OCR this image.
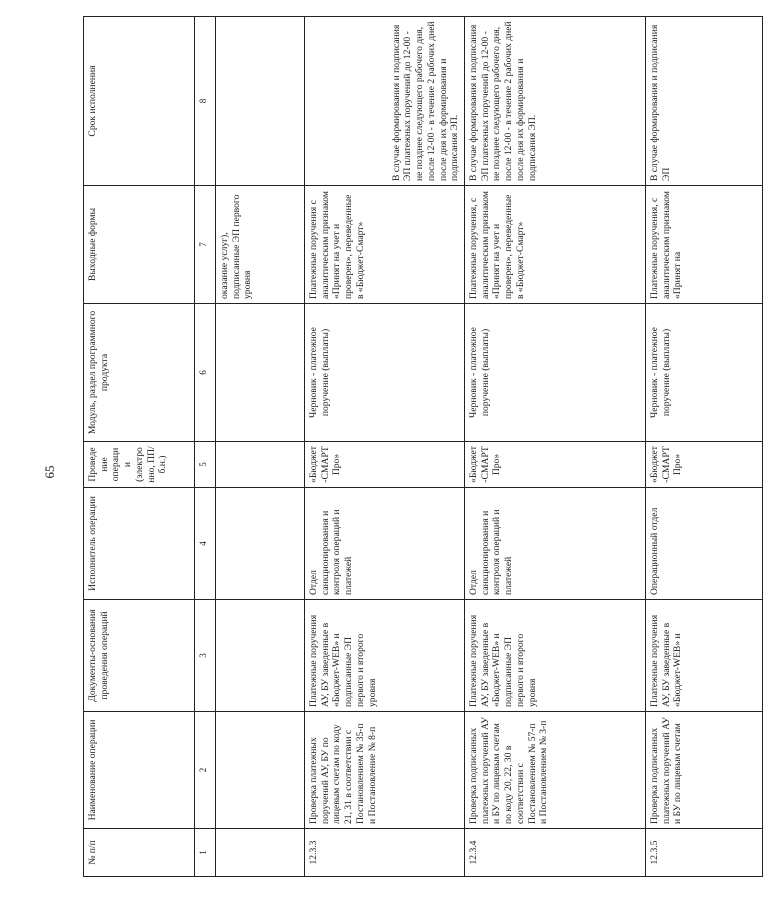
65
№ п/п	Наименование операции	Документы-основания проведения операций	Исполнитель операции	Проведение операции (электронно, ПП/б.н.)	Модуль, раздел программного продукта	Выходные формы	Срок исполнения
1	2	3	4	5	6	7	8
						оказание услуг), подписанные ЭП первого уровня	
12.3.3	Проверка платежных поручений АУ, БУ по лицевым счетам по коду 21, 31 в соответствии с Постановлением № 35-п и Постановление № 8-п	Платежные поручения АУ, БУ заведенные в «Бюджет-WEB» и подписанные ЭП первого и второго уровня	Отдел санкционирования и контроля операций и платежей	«Бюджет-СМАРТ Про»	Черновик - платежное поручение (выплаты)	Платежные поручения с аналитическим признаком «Принят на учет и проверен», переведенные в «Бюджет-Смарт»	В случае формирования и подписания ЭП платежных поручений до 12-00 - не позднее следующего рабочего дня, после 12-00 - в течение 2 рабочих дней после дня их формирования и подписания ЭП.
12.3.4	Проверка подписанных платежных поручений АУ и БУ по лицевым счетам по коду 20, 22, 30 в соответствии с Постановлением № 57-п и Постановлением № 3-п	Платежные поручения АУ, БУ заведенные в «Бюджет-WEB» и подписанные ЭП первого и второго уровня	Отдел санкционирования и контроля операций и платежей	«Бюджет-СМАРТ Про»	Черновик - платежное поручение (выплаты)	Платежные поручения, с аналитическим признаком «Принят на учет и проверен», переведенные в «Бюджет-Смарт»	В случае формирования и подписания ЭП платежных поручений до 12-00 - не позднее следующего рабочего дня, после 12-00 - в течение 2 рабочих дней после дня их формирования и подписания ЭП.
12.3.5	Проверка подписанных платежных поручений АУ и БУ по лицевым счетам	Платежные поручения АУ, БУ заведенные в «Бюджет-WEB» и	Операционный отдел	«Бюджет-СМАРТ Про»	Черновик - платежное поручение (выплаты)	Платежные поручения, с аналитическим признаком «Принят на	В случае формирования и подписания ЭП
